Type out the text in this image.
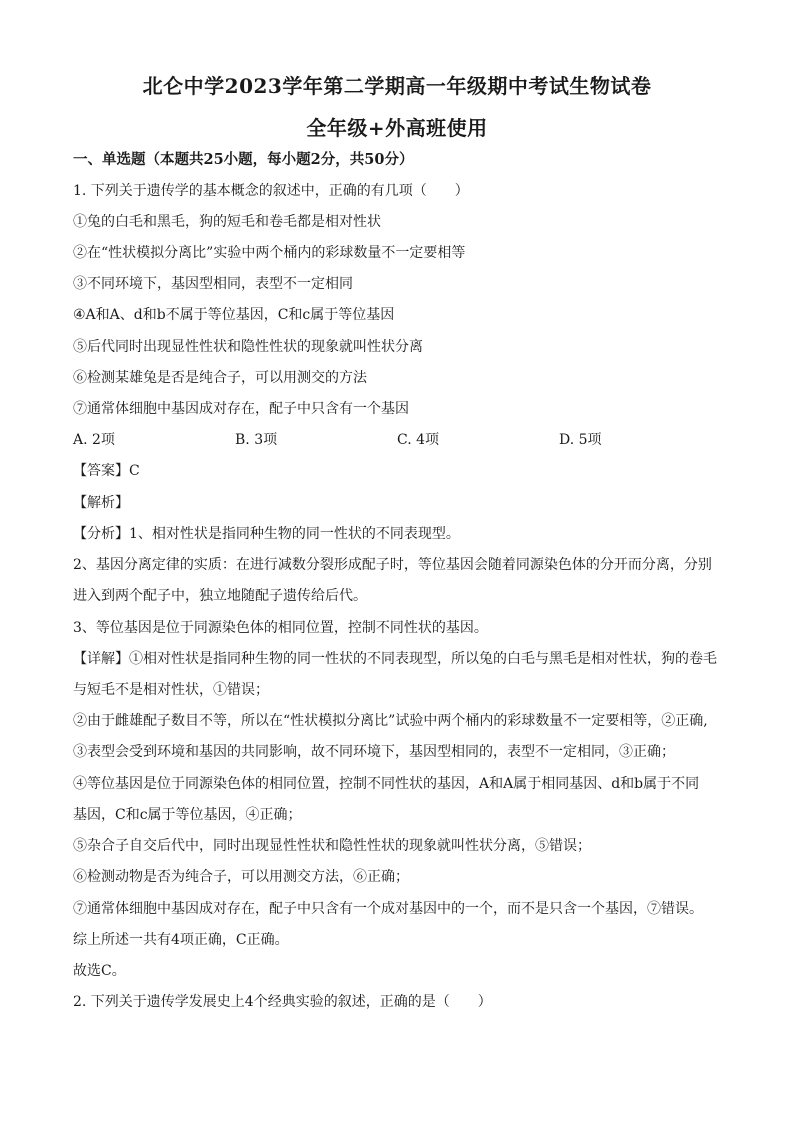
北仑中学2023学年第二学期高一年级期中考试生物试卷
全年级+外高班使用
一、单选题（本题共25小题，每小题2分，共50分）
1. 下列关于遗传学的基本概念的叙述中，正确的有几项（　　）
①兔的白毛和黑毛，狗的短毛和卷毛都是相对性状
②在“性状模拟分离比”实验中两个桶内的彩球数量不一定要相等
③不同环境下，基因型相同，表型不一定相同
④A和A、d和b不属于等位基因，C和c属于等位基因
⑤后代同时出现显性性状和隐性性状的现象就叫性状分离
⑥检测某雄兔是否是纯合子，可以用测交的方法
⑦通常体细胞中基因成对存在，配子中只含有一个基因
A. 2项	B. 3项	C. 4项	D. 5项
【答案】C
【解析】
【分析】1、相对性状是指同种生物的同一性状的不同表现型。
2、基因分离定律的实质：在进行减数分裂形成配子时，等位基因会随着同源染色体的分开而分离，分别
进入到两个配子中，独立地随配子遗传给后代。
3、等位基因是位于同源染色体的相同位置，控制不同性状的基因。
【详解】①相对性状是指同种生物的同一性状的不同表现型，所以兔的白毛与黑毛是相对性状，狗的卷毛
与短毛不是相对性状，①错误；
②由于雌雄配子数目不等，所以在“性状模拟分离比”试验中两个桶内的彩球数量不一定要相等，②正确,
③表型会受到环境和基因的共同影响，故不同环境下，基因型相同的，表型不一定相同，③正确；
④等位基因是位于同源染色体的相同位置，控制不同性状的基因，A和A属于相同基因、d和b属于不同
基因，C和c属于等位基因，④正确；
⑤杂合子自交后代中，同时出现显性性状和隐性性状的现象就叫性状分离，⑤错误；
⑥检测动物是否为纯合子，可以用测交方法，⑥正确；
⑦通常体细胞中基因成对存在，配子中只含有一个成对基因中的一个，而不是只含一个基因，⑦错误。
综上所述一共有4项正确，C正确。
故选C。
2. 下列关于遗传学发展史上4个经典实验的叙述，正确的是（　　）
